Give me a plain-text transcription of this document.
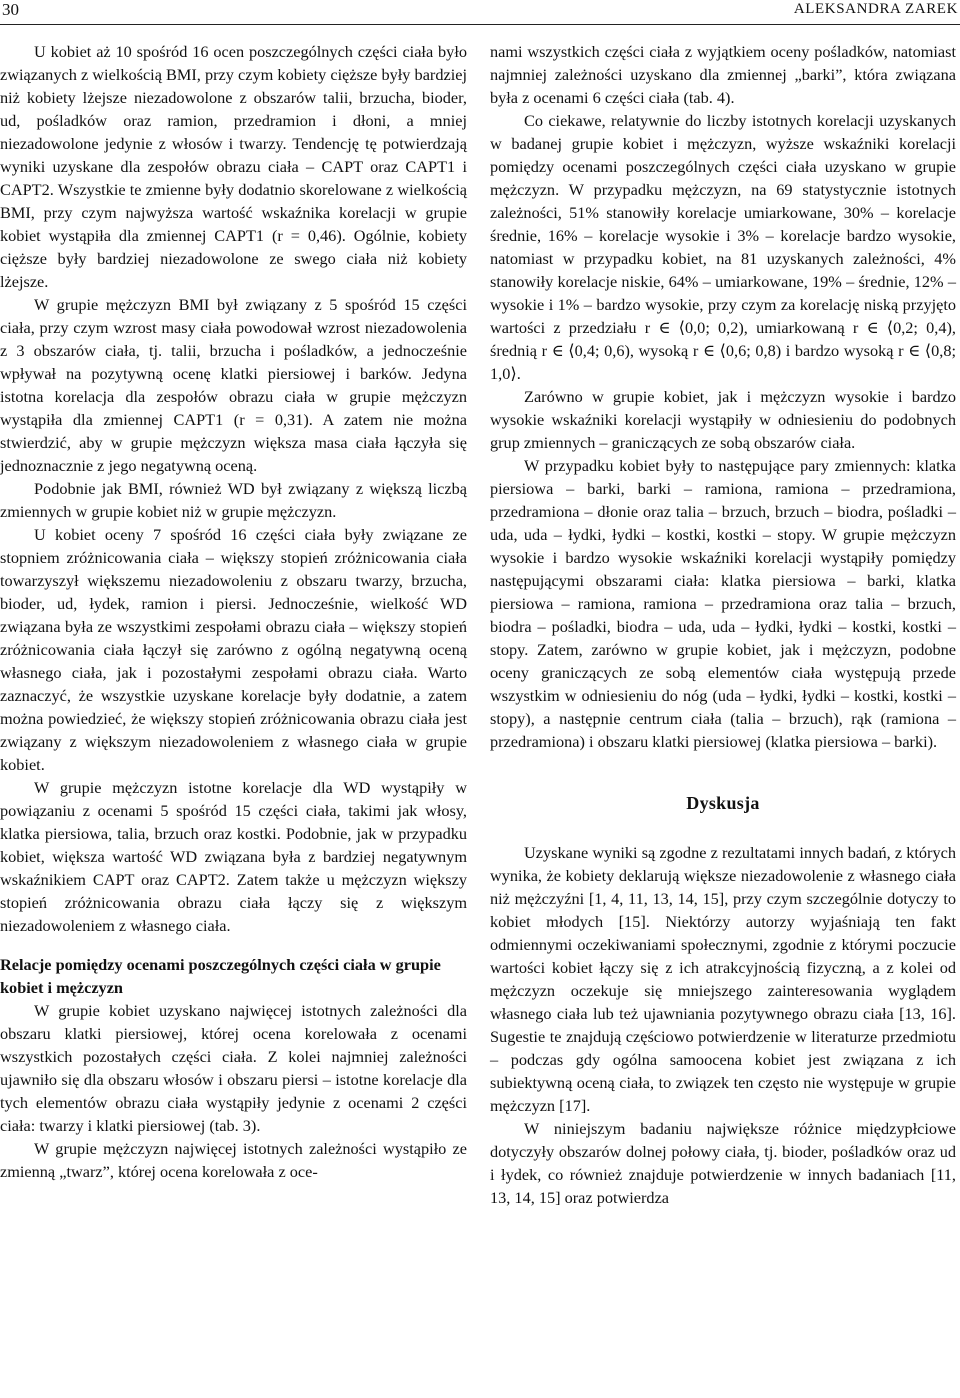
30	ALEKSANDRA ZAREK

U kobiet aż 10 spośród 16 ocen poszczególnych części ciała było związanych z wielkością BMI, przy czym kobiety cięższe były bardziej niż kobiety lżejsze niezadowolone z obszarów talii, brzucha, bioder, ud, pośladków oraz ramion, przedramion i dłoni, a mniej niezadowolone jedynie z włosów i twarzy. Tendencję tę potwierdzają wyniki uzyskane dla zespołów obrazu ciała – CAPT oraz CAPT1 i CAPT2. Wszystkie te zmienne były dodatnio skorelowane z wielkością BMI, przy czym najwyższa wartość wskaźnika korelacji w grupie kobiet wystąpiła dla zmiennej CAPT1 (r = 0,46). Ogólnie, kobiety cięższe były bardziej niezadowolone ze swego ciała niż kobiety lżejsze.

W grupie mężczyzn BMI był związany z 5 spośród 15 części ciała, przy czym wzrost masy ciała powodował wzrost niezadowolenia z 3 obszarów ciała, tj. talii, brzucha i pośladków, a jednocześnie wpływał na pozytywną ocenę klatki piersiowej i barków. Jedyna istotna korelacja dla zespołów obrazu ciała w grupie mężczyzn wystąpiła dla zmiennej CAPT1 (r = 0,31). A zatem nie można stwierdzić, aby w grupie mężczyzn większa masa ciała łączyła się jednoznacznie z jego negatywną oceną.

Podobnie jak BMI, również WD był związany z większą liczbą zmiennych w grupie kobiet niż w grupie mężczyzn.

U kobiet oceny 7 spośród 16 części ciała były związane ze stopniem zróżnicowania ciała – większy stopień zróżnicowania ciała towarzyszył większemu niezadowoleniu z obszaru twarzy, brzucha, bioder, ud, łydek, ramion i piersi. Jednocześnie, wielkość WD związana była ze wszystkimi zespołami obrazu ciała – większy stopień zróżnicowania ciała łączył się zarówno z ogólną negatywną oceną własnego ciała, jak i pozostałymi zespołami obrazu ciała. Warto zaznaczyć, że wszystkie uzyskane korelacje były dodatnie, a zatem można powiedzieć, że większy stopień zróżnicowania obrazu ciała jest związany z większym niezadowoleniem z własnego ciała w grupie kobiet.

W grupie mężczyzn istotne korelacje dla WD wystąpiły w powiązaniu z ocenami 5 spośród 15 części ciała, takimi jak włosy, klatka piersiowa, talia, brzuch oraz kostki. Podobnie, jak w przypadku kobiet, większa wartość WD związana była z bardziej negatywnym wskaźnikiem CAPT oraz CAPT2. Zatem także u mężczyzn większy stopień zróżnicowania obrazu ciała łączy się z większym niezadowoleniem z własnego ciała.

Relacje pomiędzy ocenami poszczególnych części ciała w grupie kobiet i mężczyzn

W grupie kobiet uzyskano najwięcej istotnych zależności dla obszaru klatki piersiowej, której ocena korelowała z ocenami wszystkich pozostałych części ciała. Z kolei najmniej zależności ujawniło się dla obszaru włosów i obszaru piersi – istotne korelacje dla tych elementów obrazu ciała wystąpiły jedynie z ocenami 2 części ciała: twarzy i klatki piersiowej (tab. 3).

W grupie mężczyzn najwięcej istotnych zależności wystąpiło ze zmienną „twarz”, której ocena korelowała z oce-

nami wszystkich części ciała z wyjątkiem oceny pośladków, natomiast najmniej zależności uzyskano dla zmiennej „barki”, która związana była z ocenami 6 części ciała (tab. 4).

Co ciekawe, relatywnie do liczby istotnych korelacji uzyskanych w badanej grupie kobiet i mężczyzn, wyższe wskaźniki korelacji pomiędzy ocenami poszczególnych części ciała uzyskano w grupie mężczyzn. W przypadku mężczyzn, na 69 statystycznie istotnych zależności, 51% stanowiły korelacje umiarkowane, 30% – korelacje średnie, 16% – korelacje wysokie i 3% – korelacje bardzo wysokie, natomiast w przypadku kobiet, na 81 uzyskanych zależności, 4% stanowiły korelacje niskie, 64% – umiarkowane, 19% – średnie, 12% – wysokie i 1% – bardzo wysokie, przy czym za korelację niską przyjęto wartości z przedziału r ∈ ⟨0,0; 0,2), umiarkowaną r ∈ ⟨0,2; 0,4), średnią r ∈ ⟨0,4; 0,6), wysoką r ∈ ⟨0,6; 0,8) i bardzo wysoką r ∈ ⟨0,8; 1,0⟩.

Zarówno w grupie kobiet, jak i mężczyzn wysokie i bardzo wysokie wskaźniki korelacji wystąpiły w odniesieniu do podobnych grup zmiennych – graniczących ze sobą obszarów ciała.

W przypadku kobiet były to następujące pary zmiennych: klatka piersiowa – barki, barki – ramiona, ramiona – przedramiona, przedramiona – dłonie oraz talia – brzuch, brzuch – biodra, pośladki – uda, uda – łydki, łydki – kostki, kostki – stopy. W grupie mężczyzn wysokie i bardzo wysokie wskaźniki korelacji wystąpiły pomiędzy następującymi obszarami ciała: klatka piersiowa – barki, klatka piersiowa – ramiona, ramiona – przedramiona oraz talia – brzuch, biodra – pośladki, biodra – uda, uda – łydki, łydki – kostki, kostki – stopy. Zatem, zarówno w grupie kobiet, jak i mężczyzn, podobne oceny graniczących ze sobą elementów ciała występują przede wszystkim w odniesieniu do nóg (uda – łydki, łydki – kostki, kostki – stopy), a następnie centrum ciała (talia – brzuch), rąk (ramiona – przedramiona) i obszaru klatki piersiowej (klatka piersiowa – barki).

Dyskusja

Uzyskane wyniki są zgodne z rezultatami innych badań, z których wynika, że kobiety deklarują większe niezadowolenie z własnego ciała niż mężczyźni [1, 4, 11, 13, 14, 15], przy czym szczególnie dotyczy to kobiet młodych [15]. Niektórzy autorzy wyjaśniają ten fakt odmiennymi oczekiwaniami społecznymi, zgodnie z którymi poczucie wartości kobiet łączy się z ich atrakcyjnością fizyczną, a z kolei od mężczyzn oczekuje się mniejszego zainteresowania wyglądem własnego ciała lub też ujawniania pozytywnego obrazu ciała [13, 16]. Sugestie te znajdują częściowo potwierdzenie w literaturze przedmiotu – podczas gdy ogólna samoocena kobiet jest związana z ich subiektywną oceną ciała, to związek ten często nie występuje w grupie mężczyzn [17].

W niniejszym badaniu największe różnice międzypłciowe dotyczyły obszarów dolnej połowy ciała, tj. bioder, pośladków oraz ud i łydek, co również znajduje potwierdzenie w innych badaniach [11, 13, 14, 15] oraz potwierdza
